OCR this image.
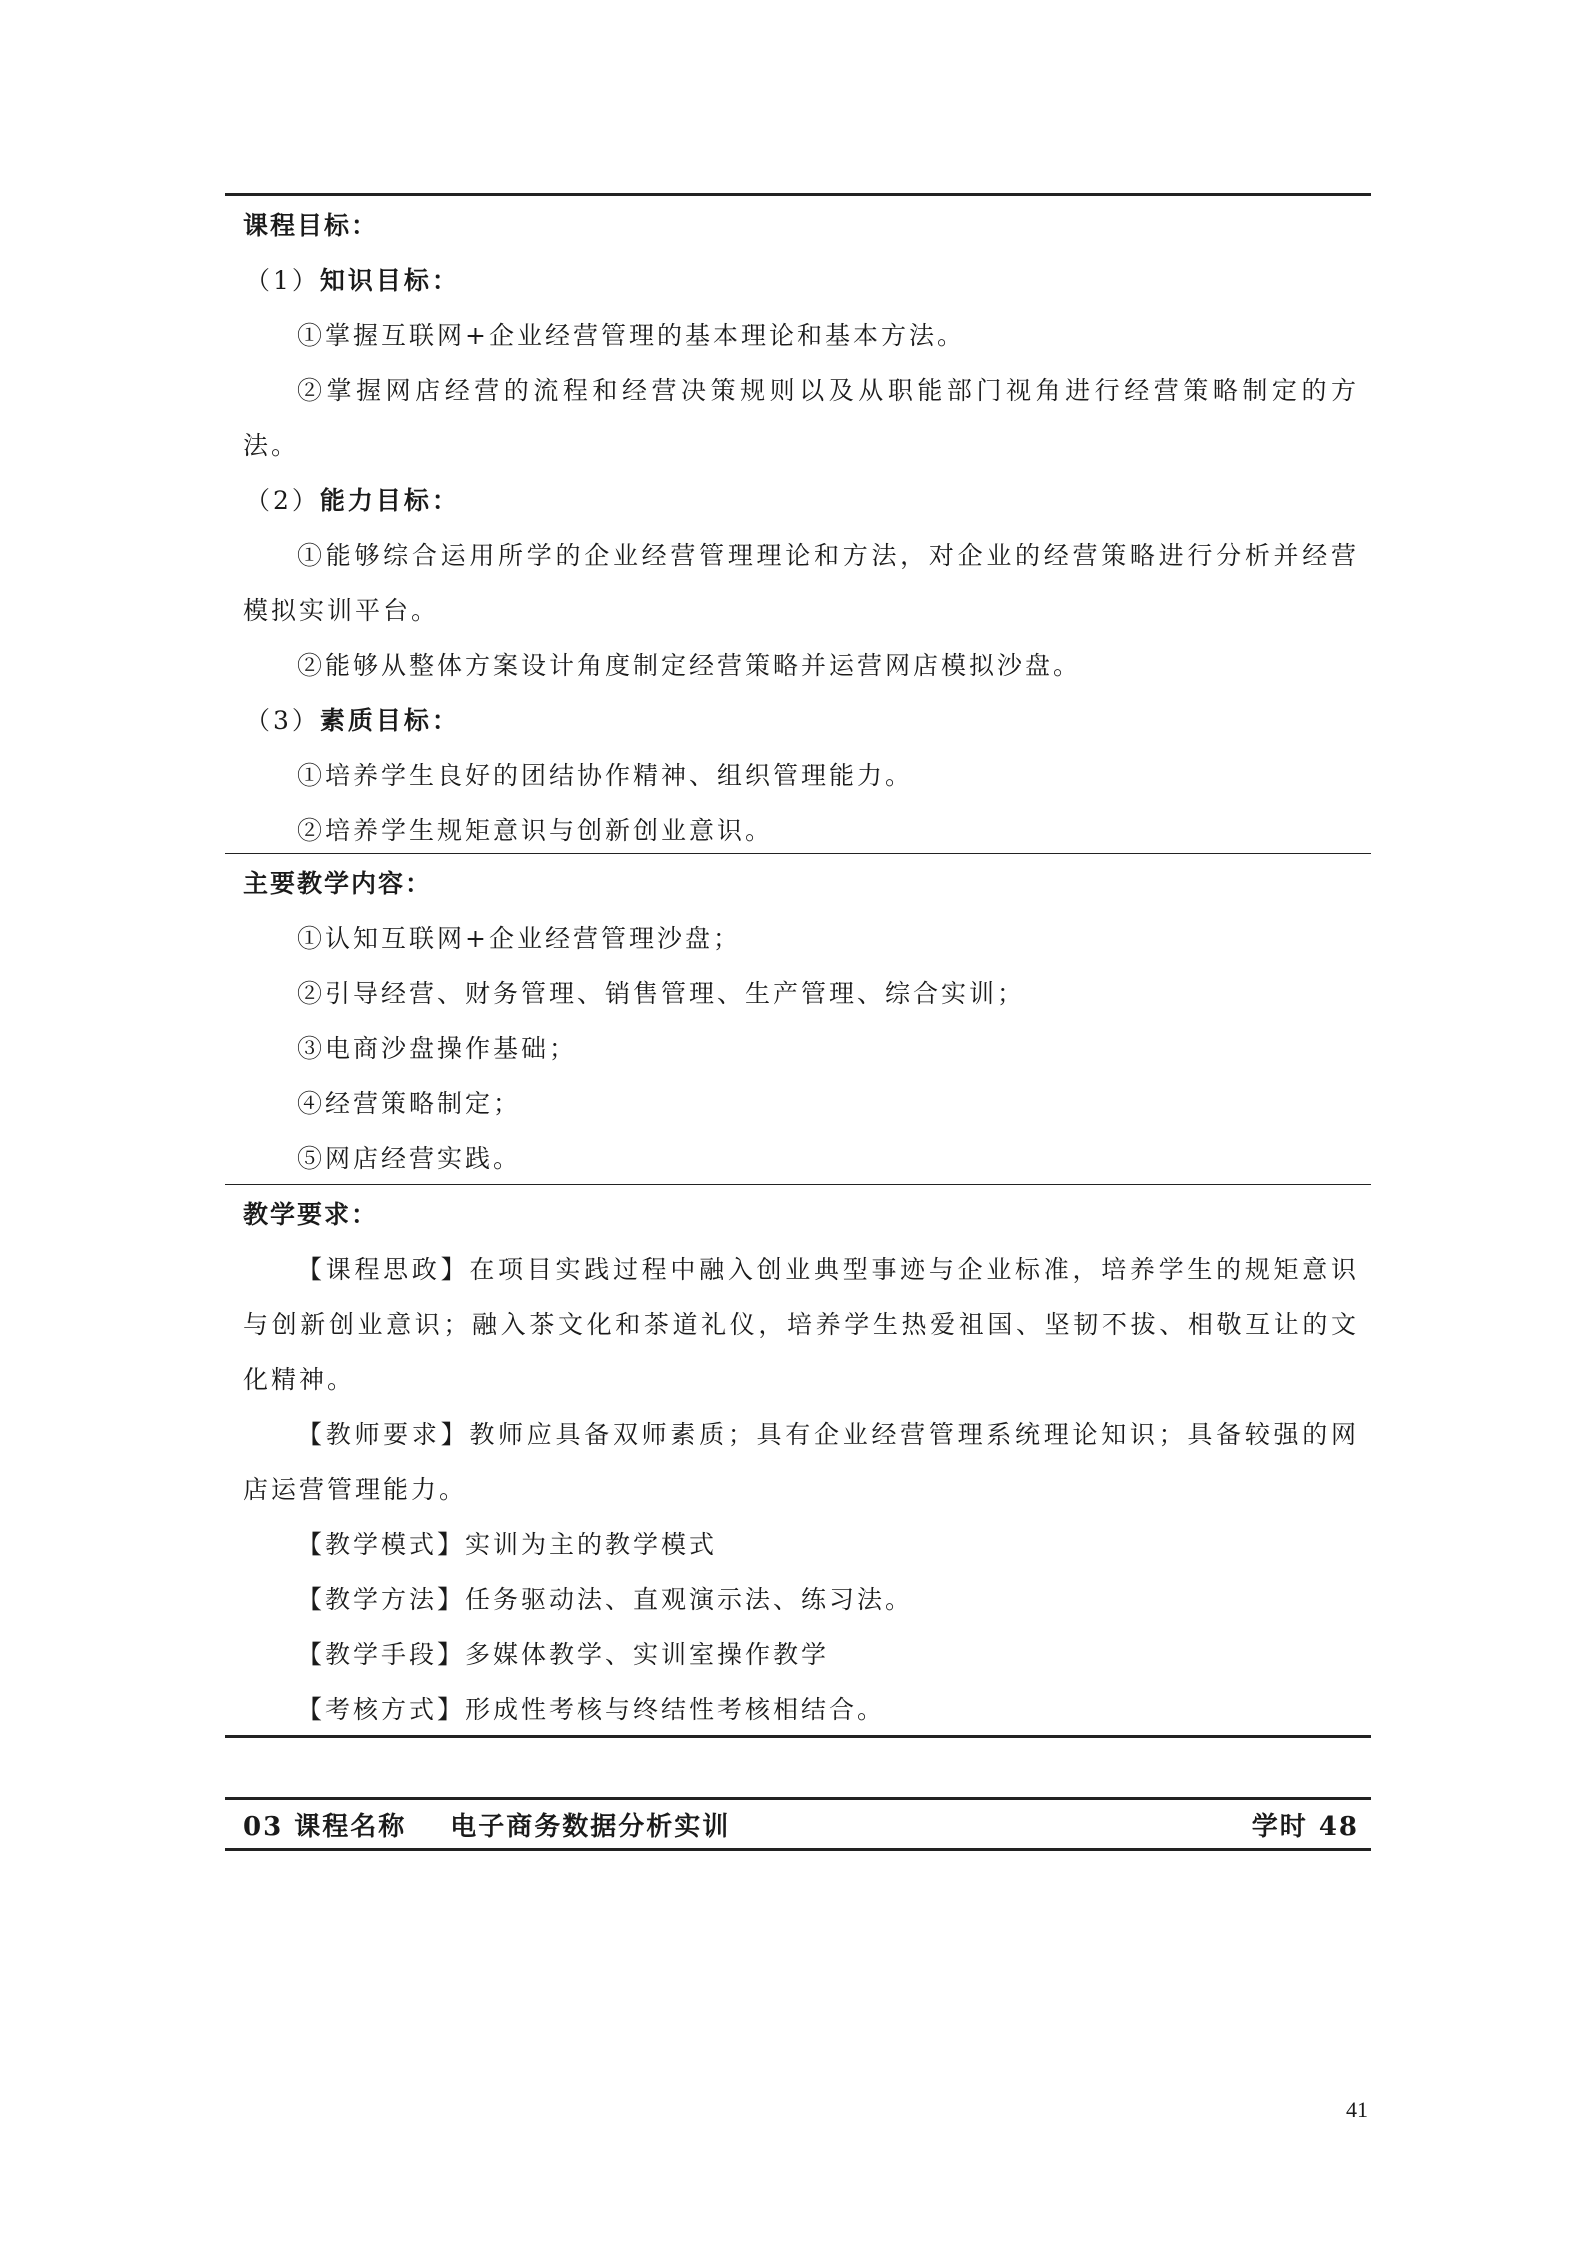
课程目标：

（1）知识目标：

①掌握互联网+企业经营管理的基本理论和基本方法。

②掌握网店经营的流程和经营决策规则以及从职能部门视角进行经营策略制定的方法。

（2）能力目标：

①能够综合运用所学的企业经营管理理论和方法，对企业的经营策略进行分析并经营模拟实训平台。

②能够从整体方案设计角度制定经营策略并运营网店模拟沙盘。

（3）素质目标：

①培养学生良好的团结协作精神、组织管理能力。

②培养学生规矩意识与创新创业意识。

主要教学内容：

①认知互联网+企业经营管理沙盘；

②引导经营、财务管理、销售管理、生产管理、综合实训；

③电商沙盘操作基础；

④经营策略制定；

⑤网店经营实践。

教学要求：

【课程思政】在项目实践过程中融入创业典型事迹与企业标准，培养学生的规矩意识与创新创业意识；融入茶文化和茶道礼仪，培养学生热爱祖国、坚韧不拔、相敬互让的文化精神。

【教师要求】教师应具备双师素质；具有企业经营管理系统理论知识；具备较强的网店运营管理能力。

【教学模式】实训为主的教学模式

【教学方法】任务驱动法、直观演示法、练习法。

【教学手段】多媒体教学、实训室操作教学

【考核方式】形成性考核与终结性考核相结合。

03 课程名称 电子商务数据分析实训	学时 48
41
